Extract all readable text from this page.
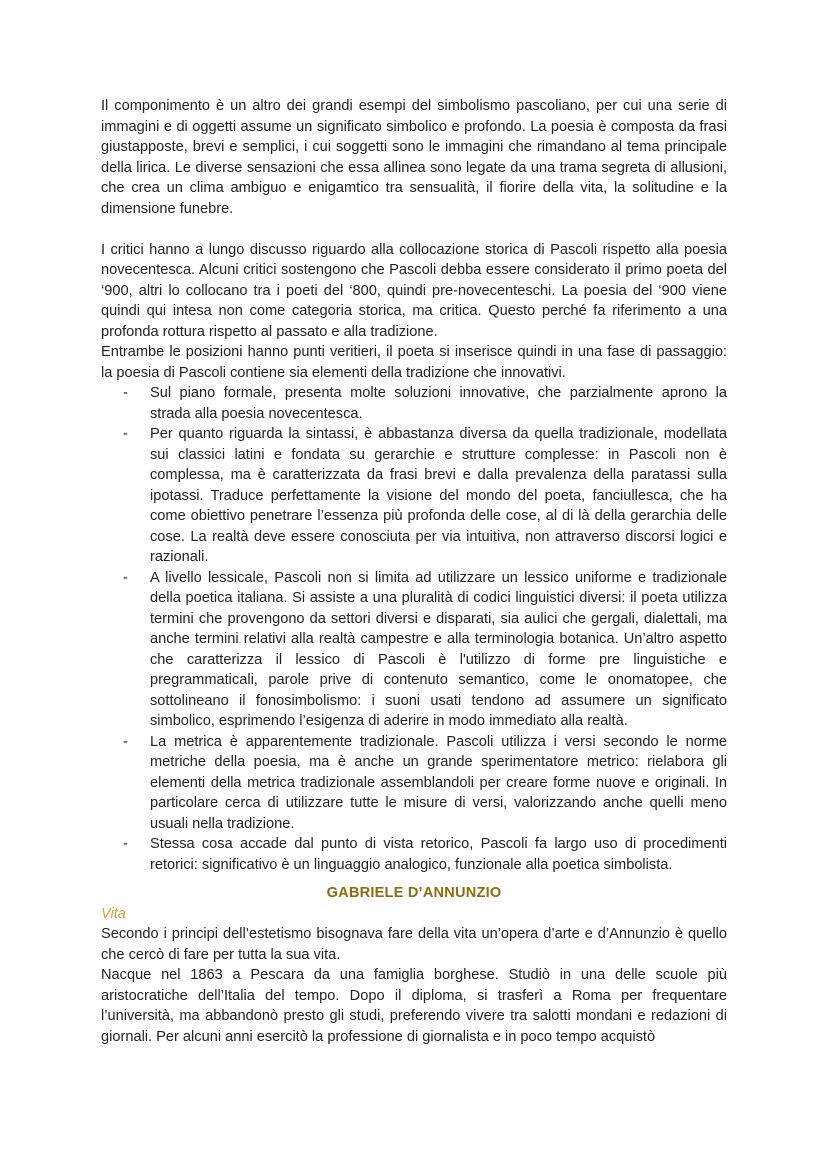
Il componimento è un altro dei grandi esempi del simbolismo pascoliano, per cui una serie di immagini e di oggetti assume un significato simbolico e profondo. La poesia è composta da frasi giustapposte, brevi e semplici, i cui soggetti sono le immagini che rimandano al tema principale della lirica. Le diverse sensazioni che essa allinea sono legate da una trama segreta di allusioni, che crea un clima ambiguo e enigamtico tra sensualità, il fiorire della vita, la solitudine e la dimensione funebre.

I critici hanno a lungo discusso riguardo alla collocazione storica di Pascoli rispetto alla poesia novecentesca. Alcuni critici sostengono che Pascoli debba essere considerato il primo poeta del ‘900, altri lo collocano tra i poeti del ‘800, quindi pre-novecenteschi. La poesia del ‘900 viene quindi qui intesa non come categoria storica, ma critica. Questo perché fa riferimento a una profonda rottura rispetto al passato e alla tradizione.

Entrambe le posizioni hanno punti veritieri, il poeta si inserisce quindi in una fase di passaggio: la poesia di Pascoli contiene sia elementi della tradizione che innovativi.

- Sul piano formale, presenta molte soluzioni innovative, che parzialmente aprono la strada alla poesia novecentesca.
- Per quanto riguarda la sintassi, è abbastanza diversa da quella tradizionale, modellata sui classici latini e fondata su gerarchie e strutture complesse: in Pascoli non è complessa, ma è caratterizzata da frasi brevi e dalla prevalenza della paratassi sulla ipotassi. Traduce perfettamente la visione del mondo del poeta, fanciullesca, che ha come obiettivo penetrare l’essenza più profonda delle cose, al di là della gerarchia delle cose. La realtà deve essere conosciuta per via intuitiva, non attraverso discorsi logici e razionali.
- A livello lessicale, Pascoli non si limita ad utilizzare un lessico uniforme e tradizionale della poetica italiana. Si assiste a una pluralità di codici linguistici diversi: il poeta utilizza termini che provengono da settori diversi e disparati, sia aulici che gergali, dialettali, ma anche termini relativi alla realtà campestre e alla terminologia botanica. Un’altro aspetto che caratterizza il lessico di Pascoli è l'utilizzo di forme pre linguistiche e pregrammaticali, parole prive di contenuto semantico, come le onomatopee, che sottolineano il fonosimbolismo: i suoni usati tendono ad assumere un significato simbolico, esprimendo l’esigenza di aderire in modo immediato alla realtà.
- La metrica è apparentemente tradizionale. Pascoli utilizza i versi secondo le norme metriche della poesia, ma è anche un grande sperimentatore metrico: rielabora gli elementi della metrica tradizionale assemblandoli per creare forme nuove e originali. In particolare cerca di utilizzare tutte le misure di versi, valorizzando anche quelli meno usuali nella tradizione.
- Stessa cosa accade dal punto di vista retorico, Pascoli fa largo uso di procedimenti retorici: significativo è un linguaggio analogico, funzionale alla poetica simbolista.

GABRIELE D’ANNUNZIO

Vita

Secondo i principi dell’estetismo bisognava fare della vita un’opera d’arte e d’Annunzio è quello che cercò di fare per tutta la sua vita.

Nacque nel 1863 a Pescara da una famiglia borghese. Studiò in una delle scuole più aristocratiche dell’Italia del tempo. Dopo il diploma, si trasferì a Roma per frequentare l’università, ma abbandonò presto gli studi, preferendo vivere tra salotti mondani e redazioni di giornali. Per alcuni anni esercitò la professione di giornalista e in poco tempo acquistò
